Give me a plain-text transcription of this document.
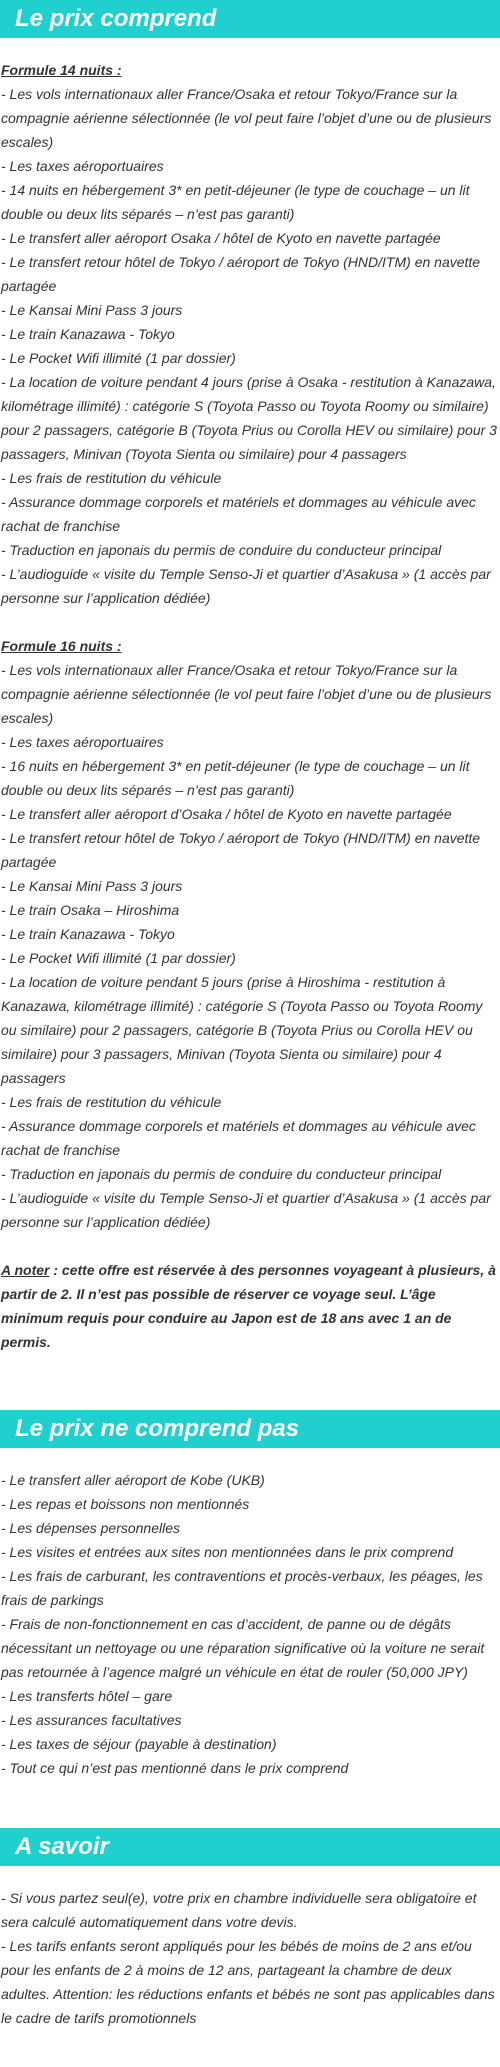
Le prix comprend
Formule 14 nuits :
- Les vols internationaux aller France/Osaka et retour Tokyo/France sur la compagnie aérienne sélectionnée (le vol peut faire l’objet d’une ou de plusieurs escales)
- Les taxes aéroportuaires
- 14 nuits en hébergement 3* en petit-déjeuner (le type de couchage – un lit double ou deux lits séparés – n’est pas garanti)
- Le transfert aller aéroport Osaka / hôtel de Kyoto en navette partagée
- Le transfert retour hôtel de Tokyo / aéroport de Tokyo (HND/ITM) en navette partagée
- Le Kansai Mini Pass 3 jours
- Le train Kanazawa - Tokyo
- Le Pocket Wifi illimité (1 par dossier)
- La location de voiture pendant 4 jours (prise à Osaka - restitution à Kanazawa, kilométrage illimité) : catégorie S (Toyota Passo ou Toyota Roomy ou similaire) pour 2 passagers, catégorie B (Toyota Prius ou Corolla HEV ou similaire) pour 3 passagers, Minivan (Toyota Sienta ou similaire) pour 4 passagers
- Les frais de restitution du véhicule
- Assurance dommage corporels et matériels et dommages au véhicule avec rachat de franchise
- Traduction en japonais du permis de conduire du conducteur principal
- L’audioguide « visite du Temple Senso-Ji et quartier d’Asakusa » (1 accès par personne sur l’application dédiée)
Formule 16 nuits :
- Les vols internationaux aller France/Osaka et retour Tokyo/France sur la compagnie aérienne sélectionnée (le vol peut faire l’objet d’une ou de plusieurs escales)
- Les taxes aéroportuaires
- 16 nuits en hébergement 3* en petit-déjeuner (le type de couchage – un lit double ou deux lits séparés – n’est pas garanti)
- Le transfert aller aéroport d’Osaka / hôtel de Kyoto en navette partagée
- Le transfert retour hôtel de Tokyo / aéroport de Tokyo (HND/ITM) en navette partagée
- Le Kansai Mini Pass 3 jours
- Le train Osaka – Hiroshima
- Le train Kanazawa - Tokyo
- Le Pocket Wifi illimité (1 par dossier)
- La location de voiture pendant 5 jours (prise à Hiroshima - restitution à Kanazawa, kilométrage illimité) : catégorie S (Toyota Passo ou Toyota Roomy ou similaire) pour 2 passagers, catégorie B (Toyota Prius ou Corolla HEV ou similaire) pour 3 passagers, Minivan (Toyota Sienta ou similaire) pour 4 passagers
- Les frais de restitution du véhicule
- Assurance dommage corporels et matériels et dommages au véhicule avec rachat de franchise
- Traduction en japonais du permis de conduire du conducteur principal
- L’audioguide « visite du Temple Senso-Ji et quartier d’Asakusa » (1 accès par personne sur l’application dédiée)
A noter : cette offre est réservée à des personnes voyageant à plusieurs, à partir de 2. Il n’est pas possible de réserver ce voyage seul. L’âge minimum requis pour conduire au Japon est de 18 ans avec 1 an de permis.
Le prix ne comprend pas
- Le transfert aller aéroport de Kobe (UKB)
- Les repas et boissons non mentionnés
- Les dépenses personnelles
- Les visites et entrées aux sites non mentionnées dans le prix comprend
- Les frais de carburant, les contraventions et procès-verbaux, les péages, les frais de parkings
- Frais de non-fonctionnement en cas d’accident, de panne ou de dégâts nécessitant un nettoyage ou une réparation significative où la voiture ne serait pas retournée à l’agence malgré un véhicule en état de rouler (50,000 JPY)
- Les transferts hôtel – gare
- Les assurances facultatives
- Les taxes de séjour (payable à destination)
- Tout ce qui n’est pas mentionné dans le prix comprend
A savoir
- Si vous partez seul(e), votre prix en chambre individuelle sera obligatoire et sera calculé automatiquement dans votre devis.
- Les tarifs enfants seront appliqués pour les bébés de moins de 2 ans et/ou pour les enfants de 2 à moins de 12 ans, partageant la chambre de deux adultes. Attention: les réductions enfants et bébés ne sont pas applicables dans le cadre de tarifs promotionnels
